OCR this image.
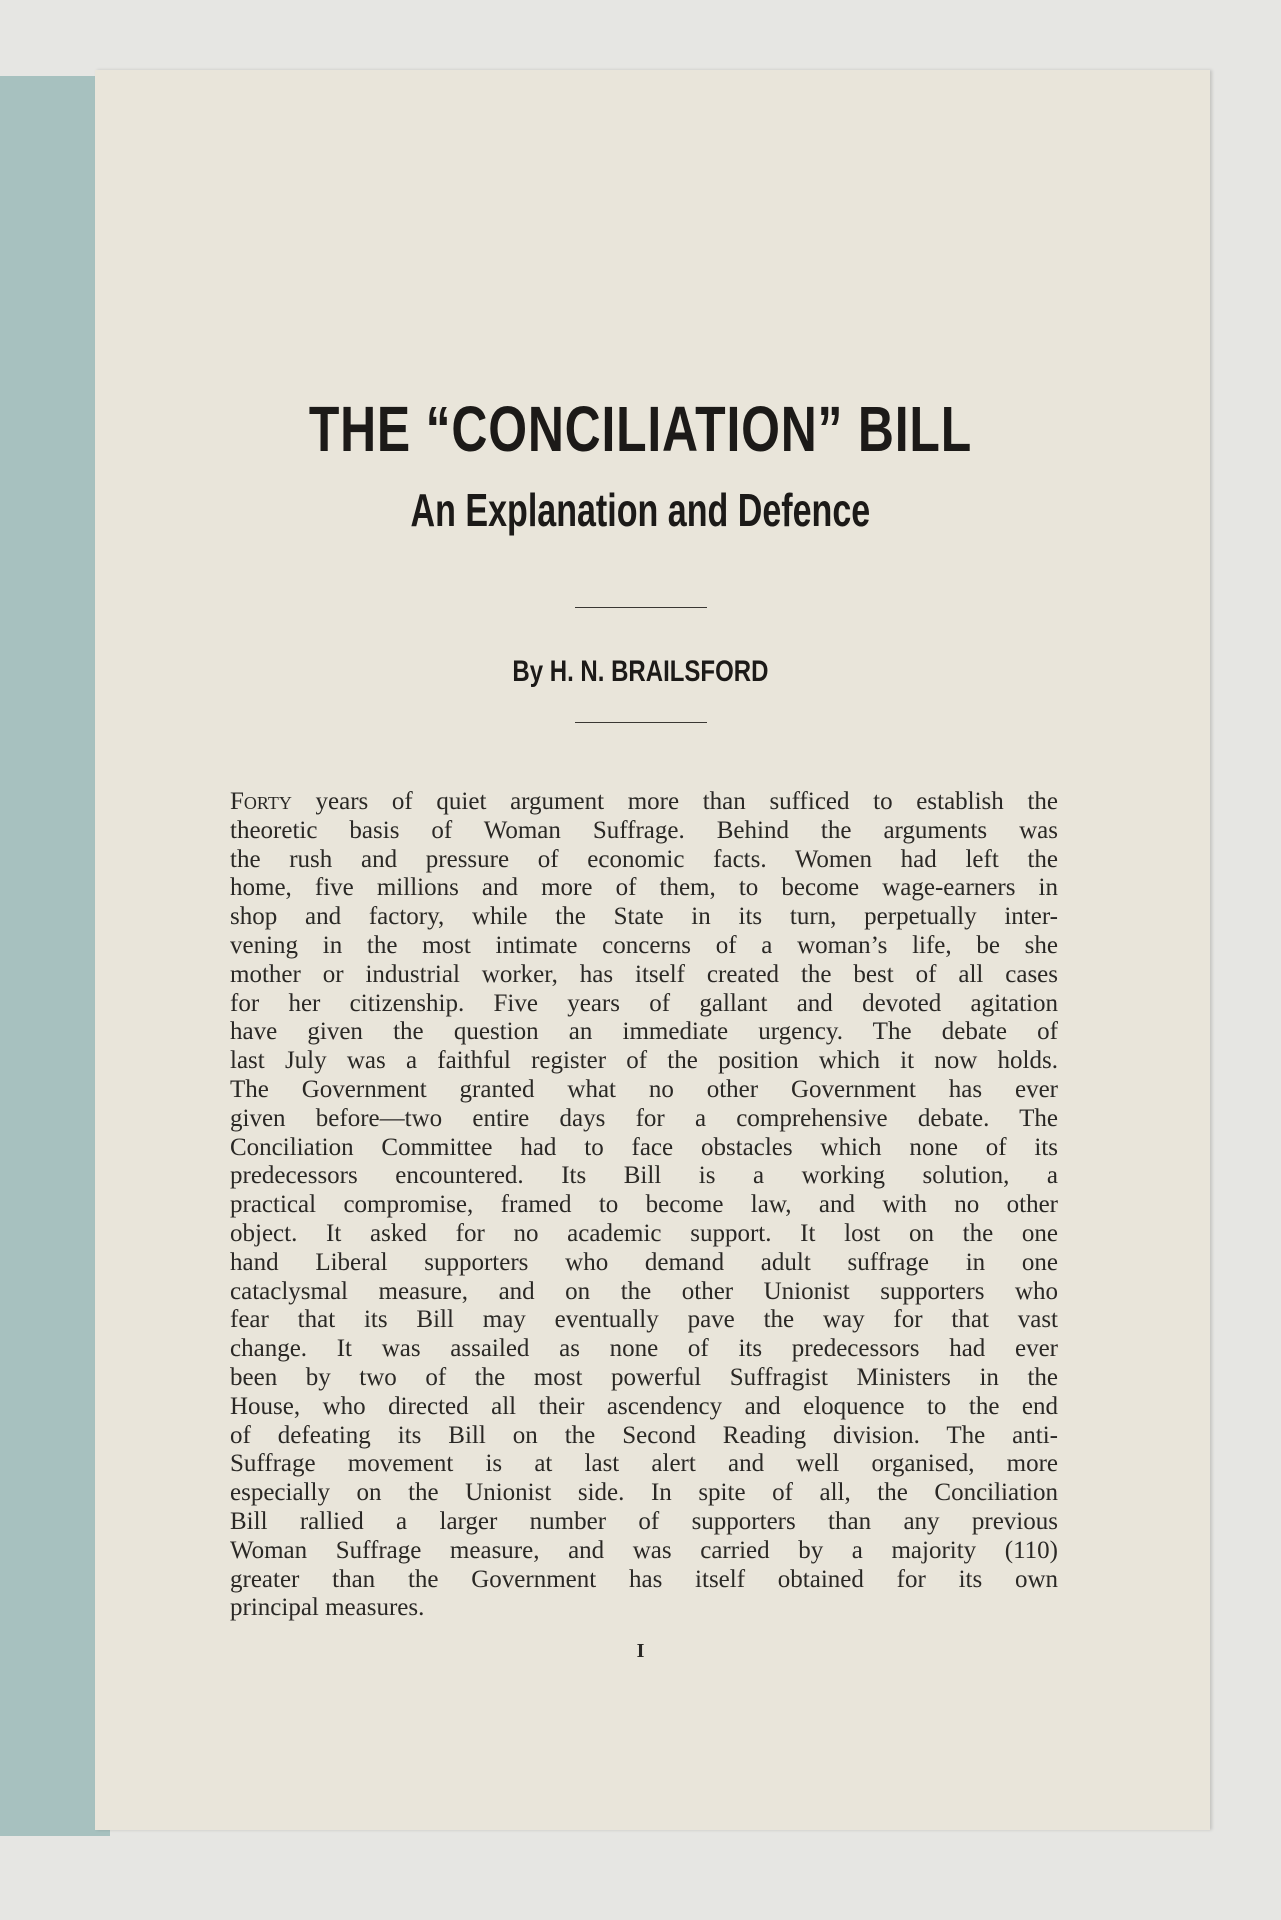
THE “CONCILIATION” BILL
An Explanation and Defence
By H. N. BRAILSFORD
Forty years of quiet argument more than sufficed to establish the
theoretic basis of Woman Suffrage. Behind the arguments was
the rush and pressure of economic facts. Women had left the
home, five millions and more of them, to become wage-earners in
shop and factory, while the State in its turn, perpetually inter-
vening in the most intimate concerns of a woman’s life, be she
mother or industrial worker, has itself created the best of all cases
for her citizenship. Five years of gallant and devoted agitation
have given the question an immediate urgency. The debate of
last July was a faithful register of the position which it now holds.
The Government granted what no other Government has ever
given before—two entire days for a comprehensive debate. The
Conciliation Committee had to face obstacles which none of its
predecessors encountered. Its Bill is a working solution, a
practical compromise, framed to become law, and with no other
object. It asked for no academic support. It lost on the one
hand Liberal supporters who demand adult suffrage in one
cataclysmal measure, and on the other Unionist supporters who
fear that its Bill may eventually pave the way for that vast
change. It was assailed as none of its predecessors had ever
been by two of the most powerful Suffragist Ministers in the
House, who directed all their ascendency and eloquence to the end
of defeating its Bill on the Second Reading division. The anti-
Suffrage movement is at last alert and well organised, more
especially on the Unionist side. In spite of all, the Conciliation
Bill rallied a larger number of supporters than any previous
Woman Suffrage measure, and was carried by a majority (110)
greater than the Government has itself obtained for its own
principal measures.
I
